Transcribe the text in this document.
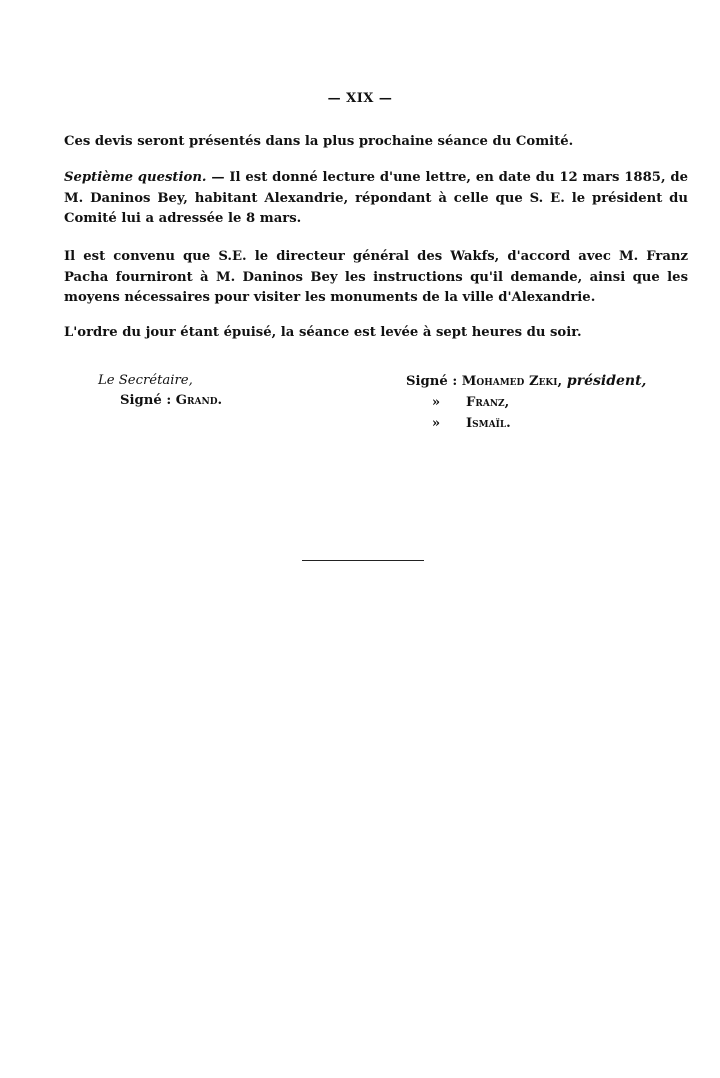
— XIX —
Ces devis seront présentés dans la plus prochaine séance du Comité.
Septième question. — Il est donné lecture d'une lettre, en date du 12 mars 1885, de M. Daninos Bey, habitant Alexandrie, répondant à celle que S. E. le président du Comité lui a adressée le 8 mars.
Il est convenu que S.E. le directeur général des Wakfs, d'accord avec M. Franz Pacha fourniront à M. Daninos Bey les instructions qu'il demande, ainsi que les moyens nécessaires pour visiter les monuments de la ville d'Alexandrie.
L'ordre du jour étant épuisé, la séance est levée à sept heures du soir.
Le Secrétaire,
Signé : Grand.
Signé : Mohamed Zeki, président,
» Franz,
» Ismaïl.
